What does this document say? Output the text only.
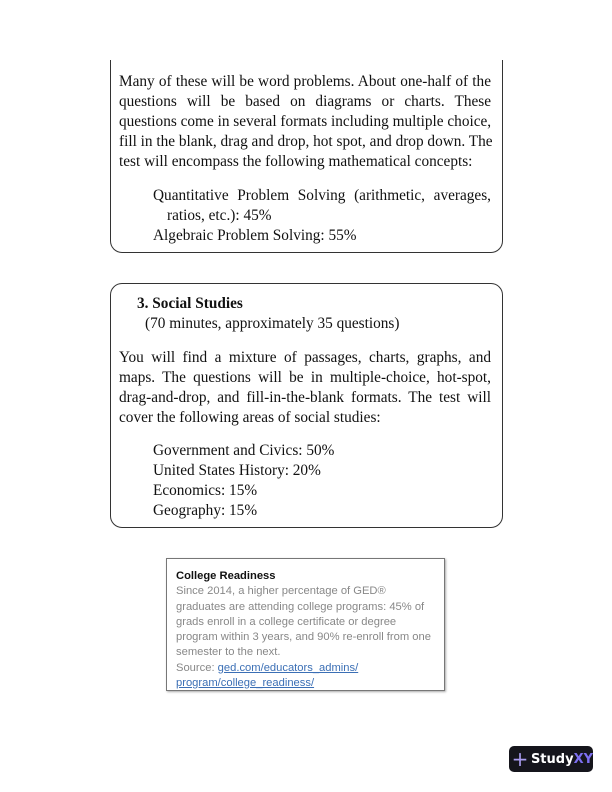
Many of these will be word problems. About one-half of the
questions will be based on diagrams or charts. These
questions come in several formats including multiple choice,
fill in the blank, drag and drop, hot spot, and drop down. The
test will encompass the following mathematical concepts:
Quantitative Problem Solving (arithmetic, averages,
ratios, etc.): 45%
Algebraic Problem Solving: 55%
3. Social Studies
(70 minutes, approximately 35 questions)
You will find a mixture of passages, charts, graphs, and
maps. The questions will be in multiple-choice, hot-spot,
drag-and-drop, and fill-in-the-blank formats. The test will
cover the following areas of social studies:
Government and Civics: 50%
United States History: 20%
Economics: 15%
Geography: 15%
College Readiness
Since 2014, a higher percentage of GED® graduates are attending college programs: 45% of grads enroll in a college certificate or degree program within 3 years, and 90% re-enroll from one semester to the next.
Source: ged.com/educators_admins/
program/college_readiness/
+ Study XY
